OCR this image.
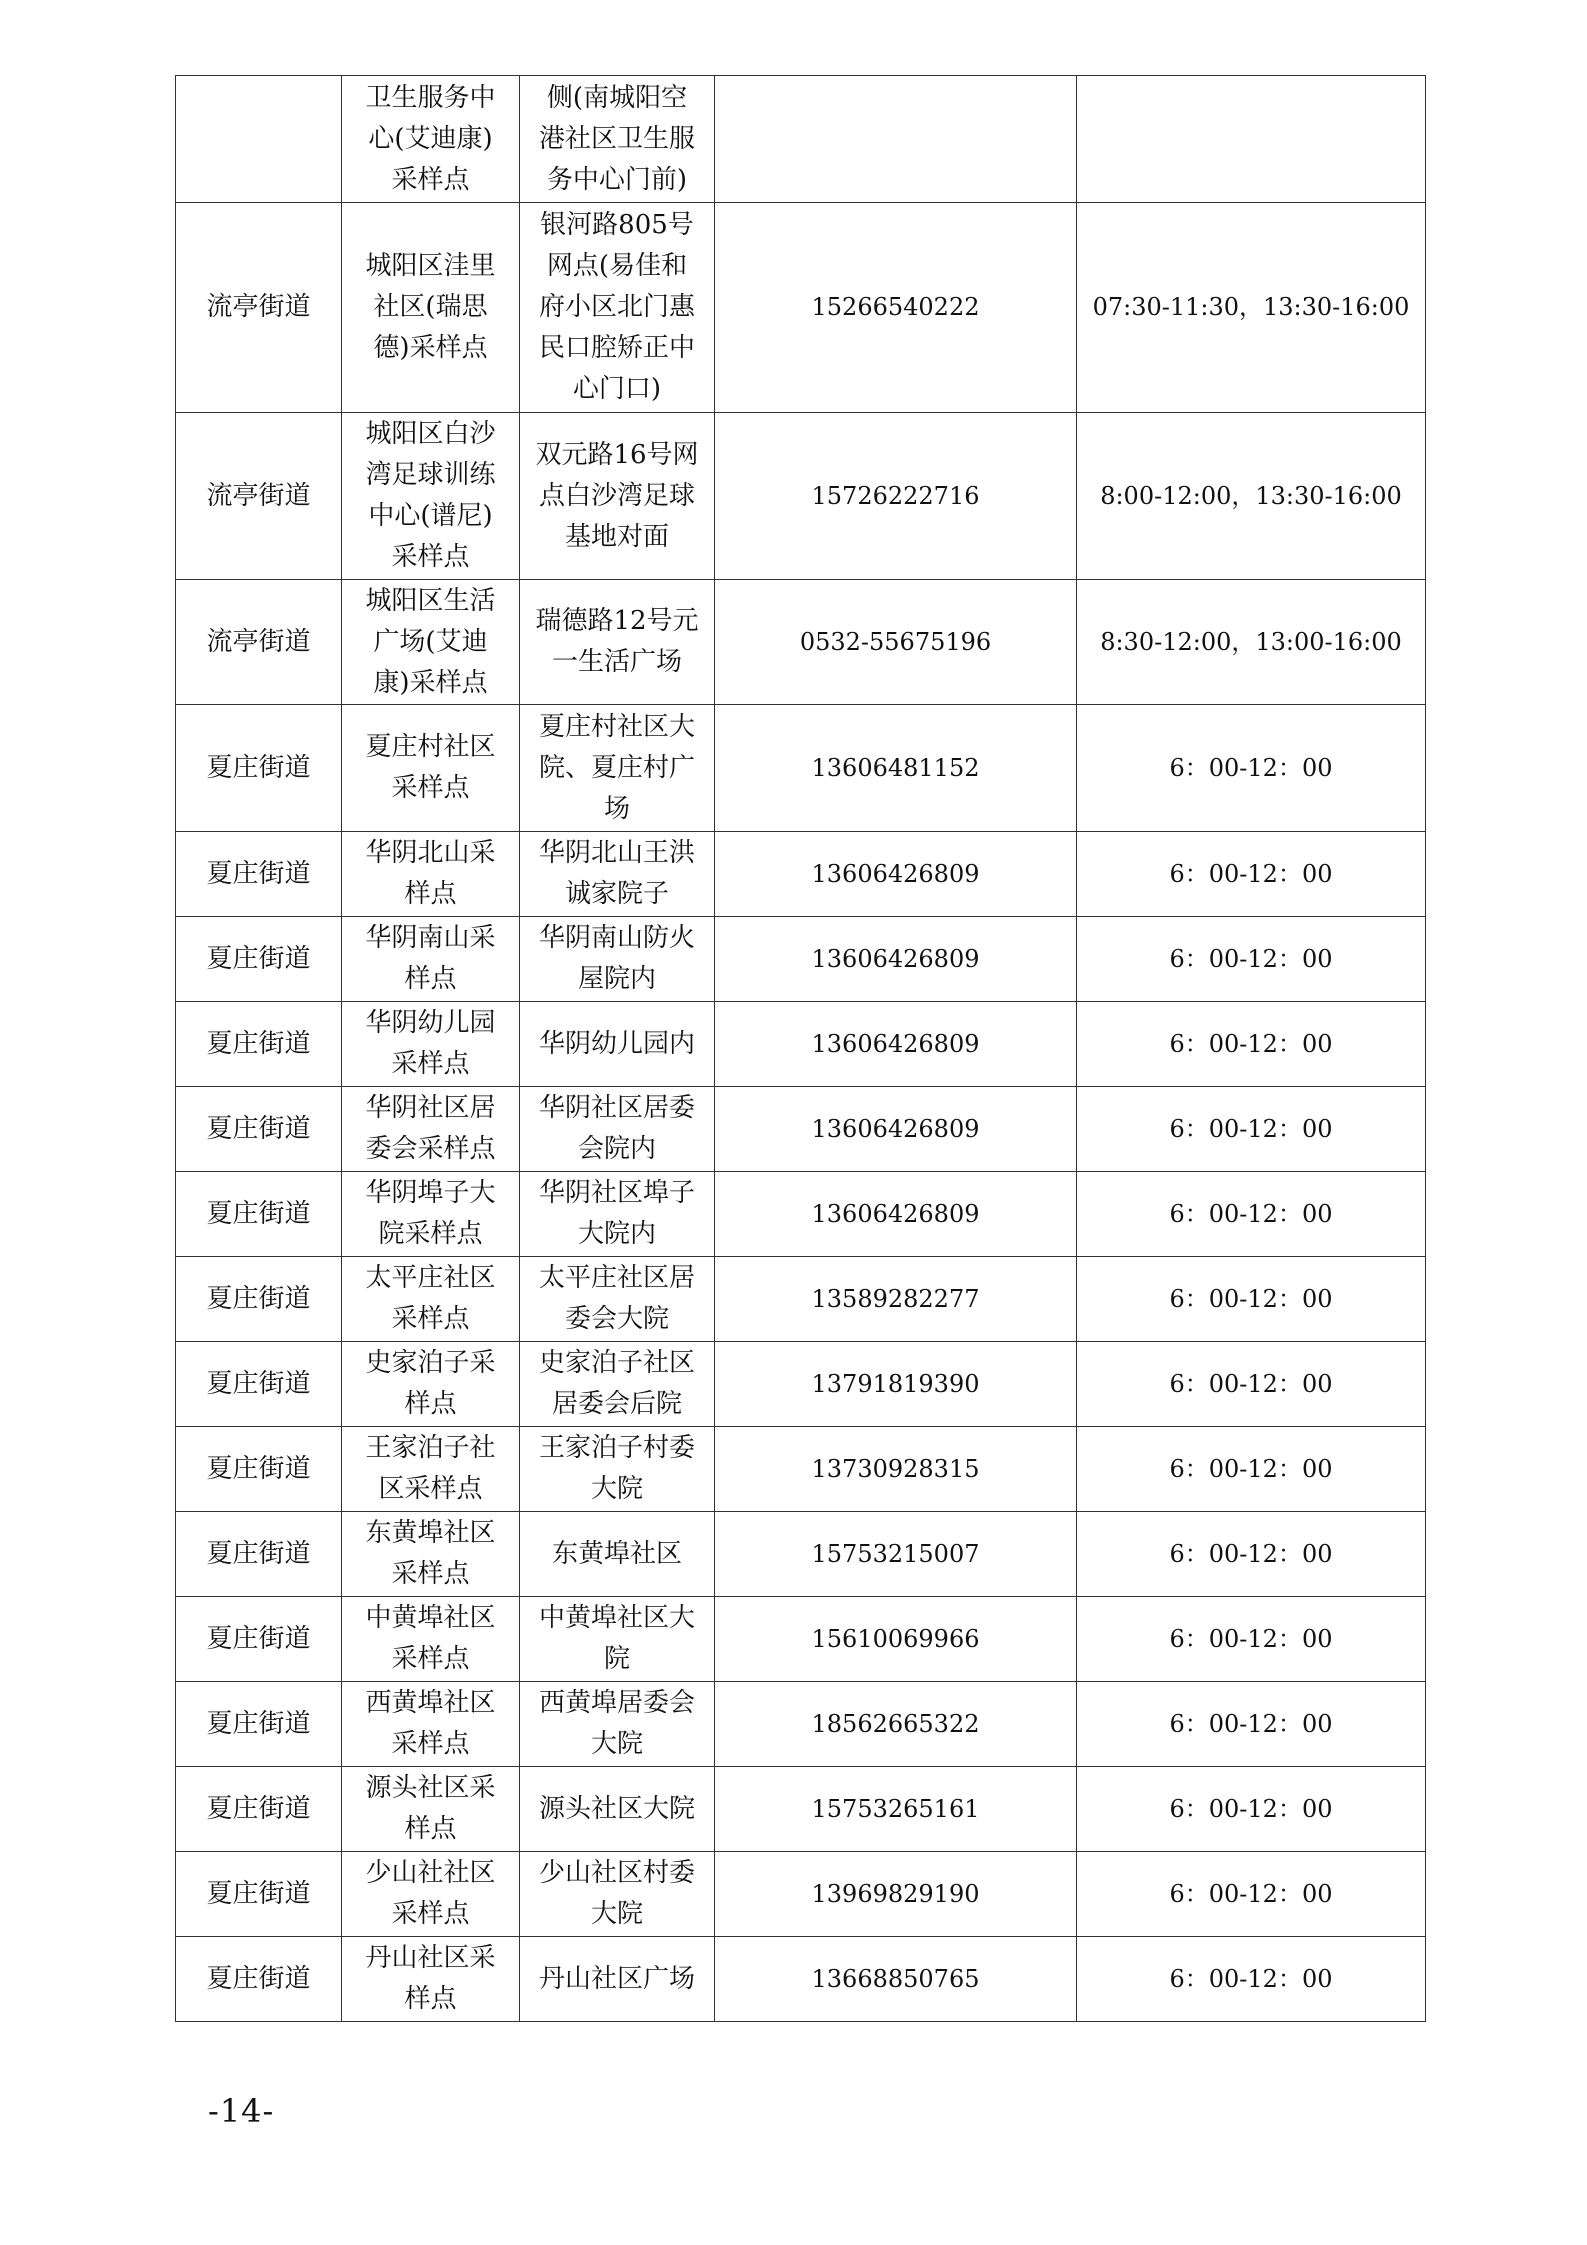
	卫生服务中心(艾迪康)采样点	侧(南城阳空港社区卫生服务中心门前)		
流亭街道	城阳区洼里社区(瑞思德)采样点	银河路805号网点(易佳和府小区北门惠民口腔矫正中心门口)	15266540222	07:30-11:30，13:30-16:00
流亭街道	城阳区白沙湾足球训练中心(谱尼)采样点	双元路16号网点白沙湾足球基地对面	15726222716	8:00-12:00，13:30-16:00
流亭街道	城阳区生活广场(艾迪康)采样点	瑞德路12号元一生活广场	0532-55675196	8:30-12:00，13:00-16:00
夏庄街道	夏庄村社区采样点	夏庄村社区大院、夏庄村广场	13606481152	6：00-12：00
夏庄街道	华阴北山采样点	华阴北山王洪诚家院子	13606426809	6：00-12：00
夏庄街道	华阴南山采样点	华阴南山防火屋院内	13606426809	6：00-12：00
夏庄街道	华阴幼儿园采样点	华阴幼儿园内	13606426809	6：00-12：00
夏庄街道	华阴社区居委会采样点	华阴社区居委会院内	13606426809	6：00-12：00
夏庄街道	华阴埠子大院采样点	华阴社区埠子大院内	13606426809	6：00-12：00
夏庄街道	太平庄社区采样点	太平庄社区居委会大院	13589282277	6：00-12：00
夏庄街道	史家泊子采样点	史家泊子社区居委会后院	13791819390	6：00-12：00
夏庄街道	王家泊子社区采样点	王家泊子村委大院	13730928315	6：00-12：00
夏庄街道	东黄埠社区采样点	东黄埠社区	15753215007	6：00-12：00
夏庄街道	中黄埠社区采样点	中黄埠社区大院	15610069966	6：00-12：00
夏庄街道	西黄埠社区采样点	西黄埠居委会大院	18562665322	6：00-12：00
夏庄街道	源头社区采样点	源头社区大院	15753265161	6：00-12：00
夏庄街道	少山社社区采样点	少山社区村委大院	13969829190	6：00-12：00
夏庄街道	丹山社区采样点	丹山社区广场	13668850765	6：00-12：00
-14-
